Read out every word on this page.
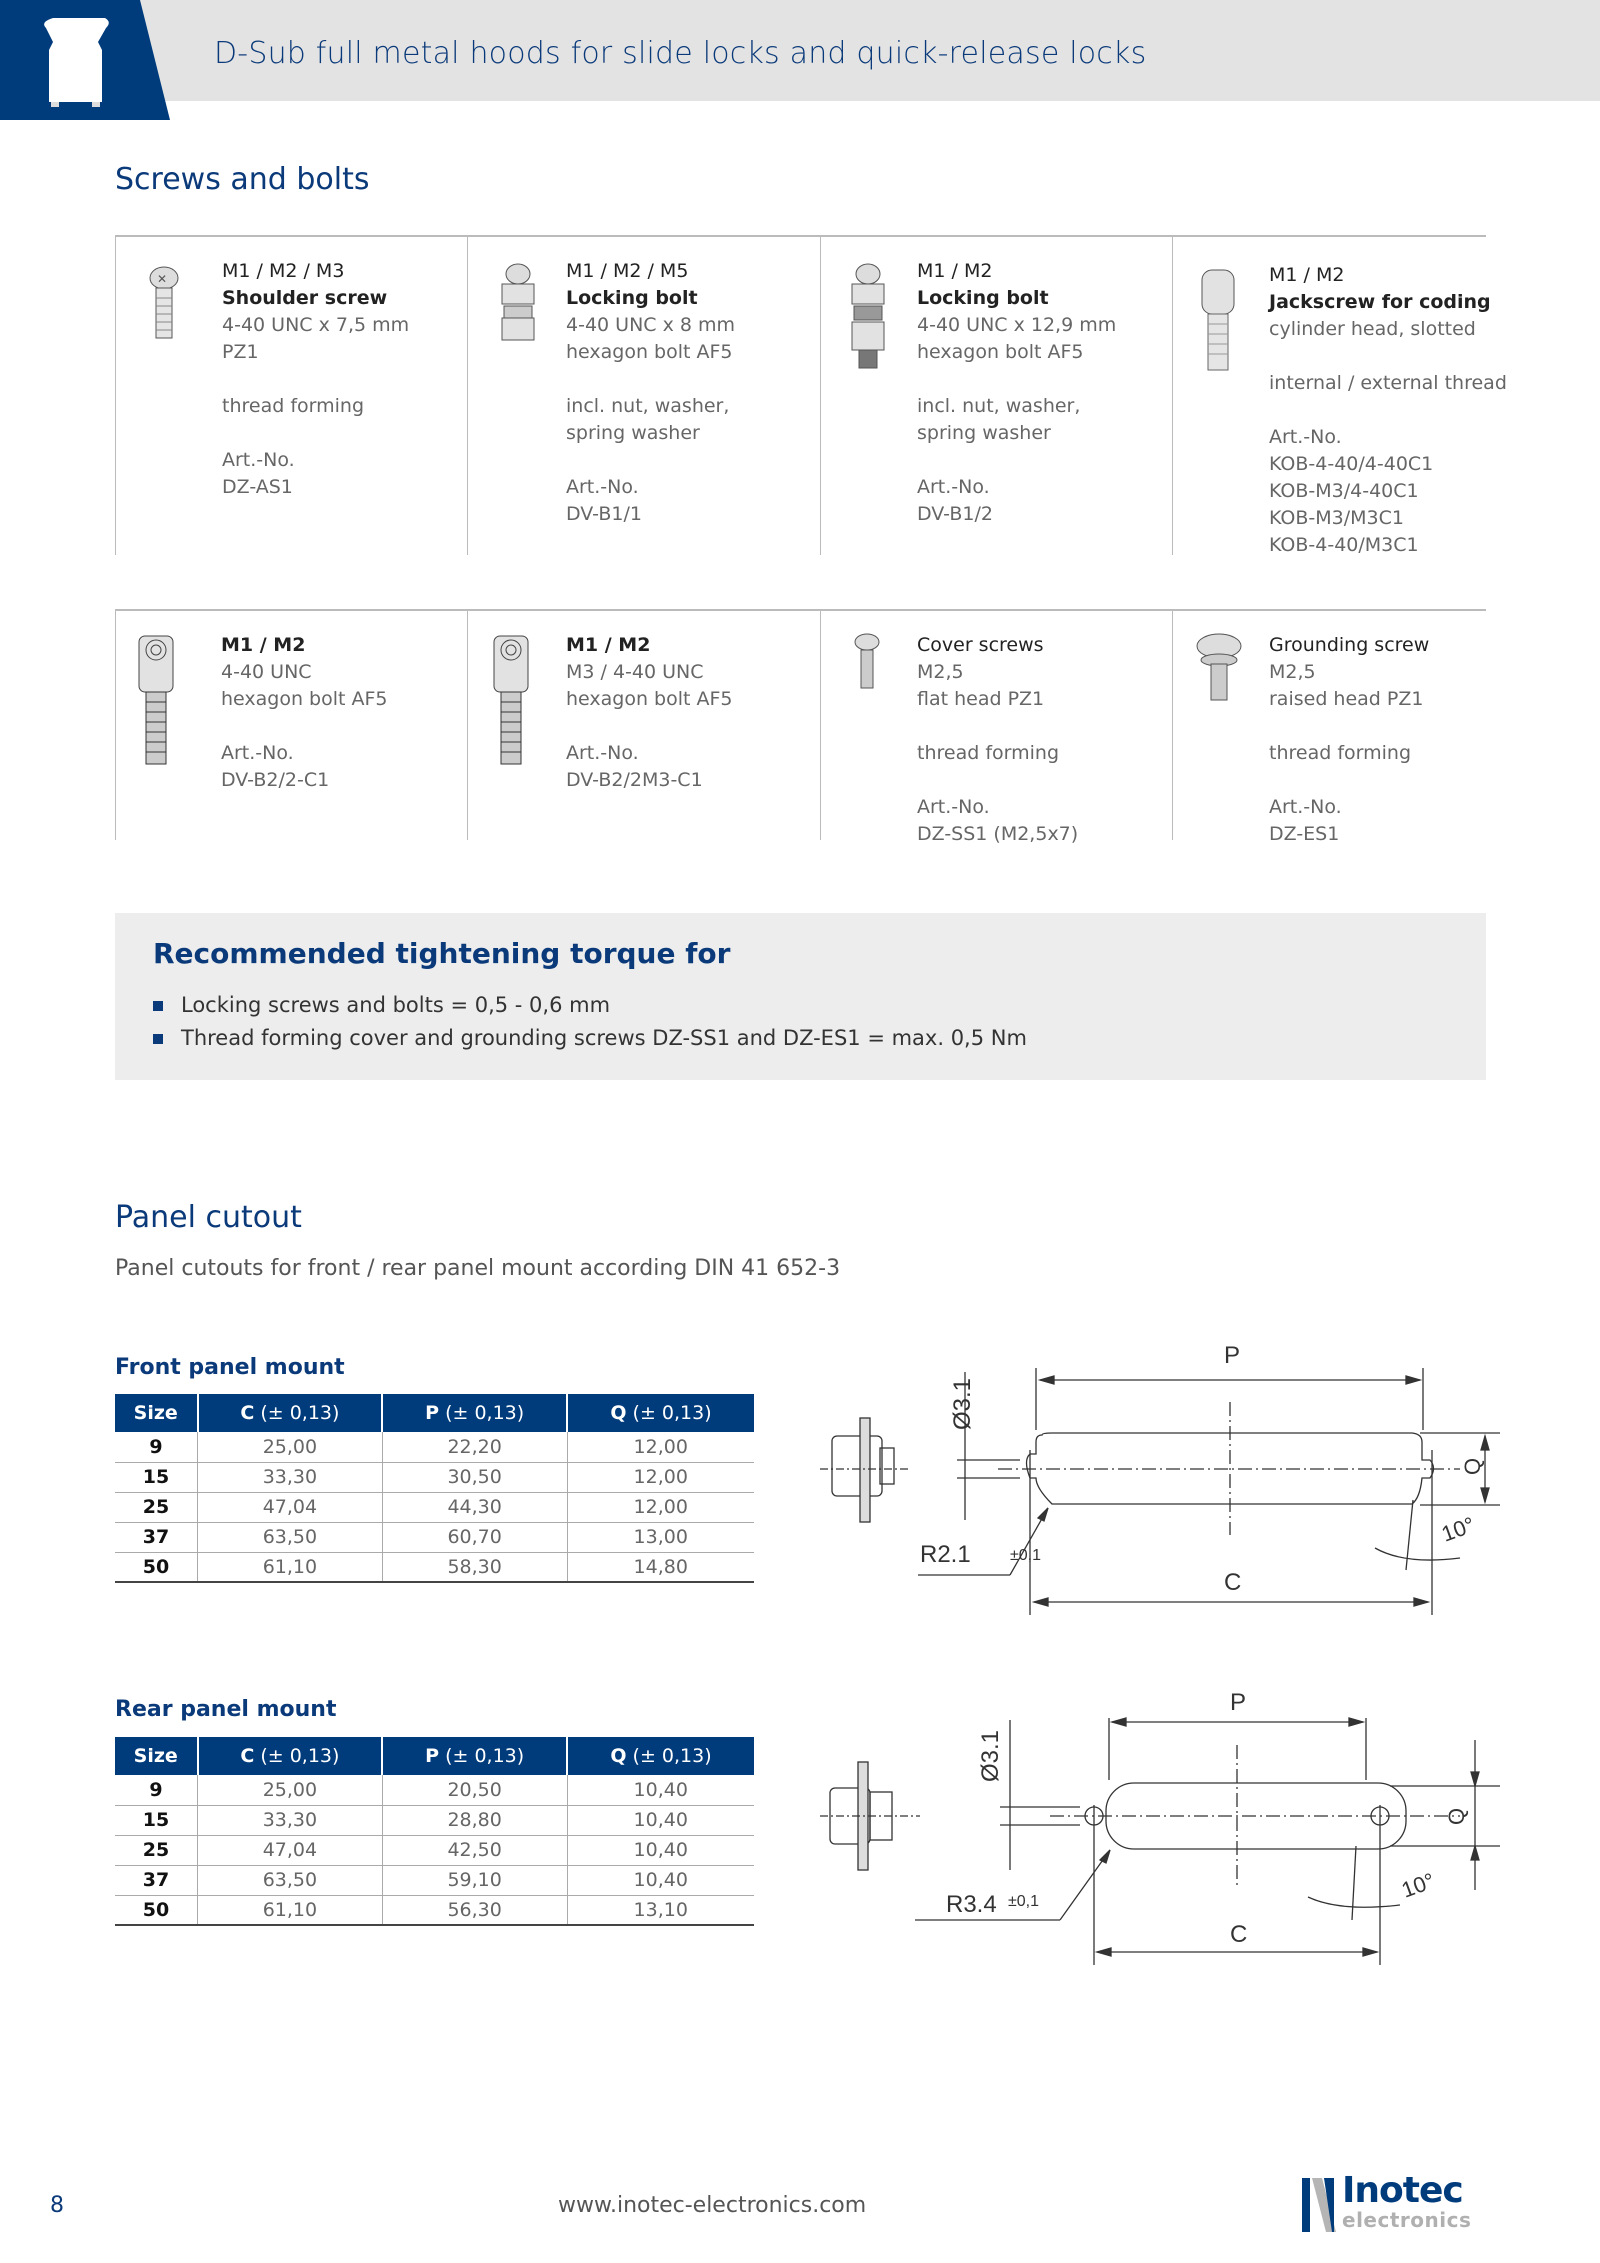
D-Sub full metal hoods for slide locks and quick-release locks
Screws and bolts
✕	M1 / M2 / M3
Shoulder screw
4-40 UNC x 7,5 mm
PZ1
thread forming
Art.-No.
DZ-AS1
M1 / M2 / M5
Locking bolt
4-40 UNC x 8 mm
hexagon bolt AF5
incl. nut, washer,
spring washer
Art.-No.
DV-B1/1
M1 / M2
Locking bolt
4-40 UNC x 12,9 mm
hexagon bolt AF5
incl. nut, washer,
spring washer
Art.-No.
DV-B1/2
M1 / M2
Jackscrew for coding
cylinder head, slotted
internal / external thread
Art.-No.
KOB-4-40/4-40C1
KOB-M3/4-40C1
KOB-M3/M3C1
KOB-4-40/M3C1
M1 / M2
4-40 UNC
hexagon bolt AF5
Art.-No.
DV-B2/2-C1
M1 / M2
M3 / 4-40 UNC
hexagon bolt AF5
Art.-No.
DV-B2/2M3-C1
Cover screws
M2,5
flat head PZ1
thread forming
Art.-No.
DZ-SS1 (M2,5x7)
Grounding screw
M2,5
raised head PZ1
thread forming
Art.-No.
DZ-ES1
Recommended tightening torque for
Locking screws and bolts = 0,5 - 0,6 mm
Thread forming cover and grounding screws DZ-SS1 and DZ-ES1 = max. 0,5 Nm
Panel cutout
Panel cutouts for front / rear panel mount according DIN 41 652-3
Front panel mount
Size	C (± 0,13)	P (± 0,13)	Q (± 0,13)
9	25,00	22,20	12,00
15	33,30	30,50	12,00
25	47,04	44,30	12,00
37	63,50	60,70	13,00
50	61,10	58,30	14,80
Rear panel mount
Size	C (± 0,13)	P (± 0,13)	Q (± 0,13)
9	25,00	20,50	10,40
15	33,30	28,80	10,40
25	47,04	42,50	10,40
37	63,50	59,10	10,40
50	61,10	56,30	13,10
P
C
Q
Ø3.1
R2.1 ±0,1
10°
P
C
Q
Ø3.1
R3.4 ±0,1	10°
8	www.inotec-electronics.com	Inotec
electronics
